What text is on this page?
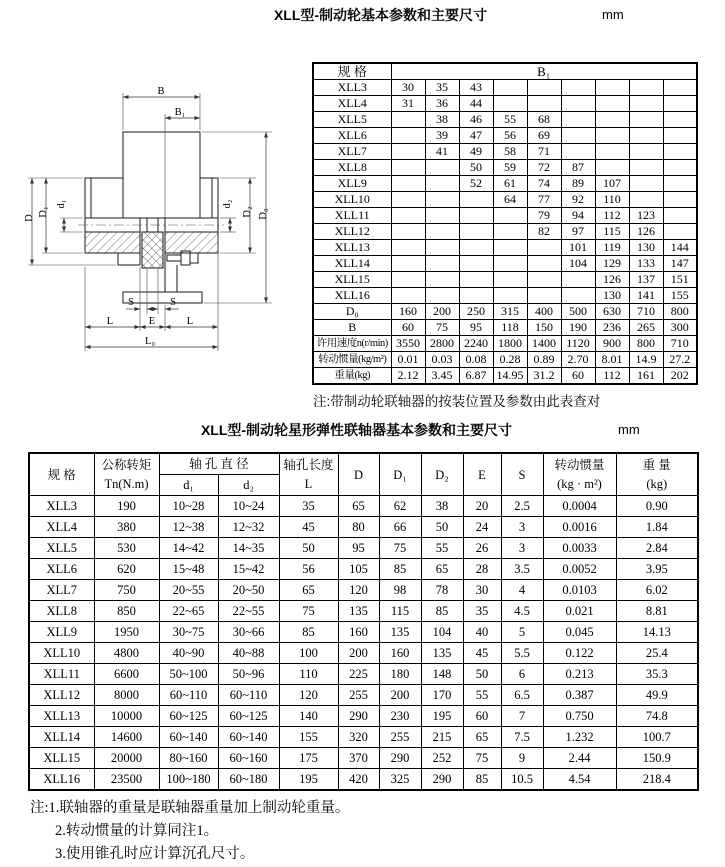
XLL型-制动轮基本参数和主要尺寸	mm
B
B₁
D
D₁
d₁	d₂
D₂ D₀
S	S
L	E	L
L₀
规 格	B₁								
XLL3	30	35	43						
XLL4	31	36	44						
XLL5		38	46	55	68				
XLL6		39	47	56	69				
XLL7		41	49	58	71				
XLL8			50	59	72	87			
XLL9			52	61	74	89	107		
XLL10				64	77	92	110		
XLL11					79	94	112	123	
XLL12					82	97	115	126	
XLL13						101	119	130	144
XLL14						104	129	133	147
XLL15							126	137	151
XLL16							130	141	155
D₀	160	200	250	315	400	500	630	710	800
B	60	75	95	118	150	190	236	265	300
许用速度n(r/min)	3550	2800	2240	1800	1400	1120	900	800	710
转动惯量(kg/m²)	0.01	0.03	0.08	0.28	0.89	2.70	8.01	14.9	27.2
重量(kg)	2.12	3.45	6.87	14.95	31.2	60	112	161	202
注:带制动轮联轴器的按装位置及参数由此表查对
XLL型-制动轮星形弹性联轴器基本参数和主要尺寸	mm
规 格	
公称转矩
Tn(N.m)
	轴 孔 直 径	轴孔长度
L
	D	D₁	D₂	E	S	
转动惯量
(kg · m²)

重 量
(kg)

		d₁	d₂								
XLL3	190	10~28	10~24	35	65	62	38	20	2.5	0.0004	0.90
XLL4	380	12~38	12~32	45	80	66	50	24	3	0.0016	1.84
XLL5	530	14~42	14~35	50	95	75	55	26	3	0.0033	2.84
XLL6	620	15~48	15~42	56	105	85	65	28	3.5	0.0052	3.95
XLL7	750	20~55	20~50	65	120	98	78	30	4	0.0103	6.02
XLL8	850	22~65	22~55	75	135	115	85	35	4.5	0.021	8.81
XLL9	1950	30~75	30~66	85	160	135	104	40	5	0.045	14.13
XLL10	4800	40~90	40~88	100	200	160	135	45	5.5	0.122	25.4
XLL11	6600	50~100	50~96	110	225	180	148	50	6	0.213	35.3
XLL12	8000	60~110	60~110	120	255	200	170	55	6.5	0.387	49.9
XLL13	10000	60~125	60~125	140	290	230	195	60	7	0.750	74.8
XLL14	14600	60~140	60~140	155	320	255	215	65	7.5	1.232	100.7
XLL15	20000	80~160	60~160	175	370	290	252	75	9	2.44	150.9
XLL16	23500	100~180	60~180	195	420	325	290	85	10.5	4.54	218.4
注:1.联轴器的重量是联轴器重量加上制动轮重量。
2.转动惯量的计算同注1。
3.使用锥孔时应计算沉孔尺寸。
